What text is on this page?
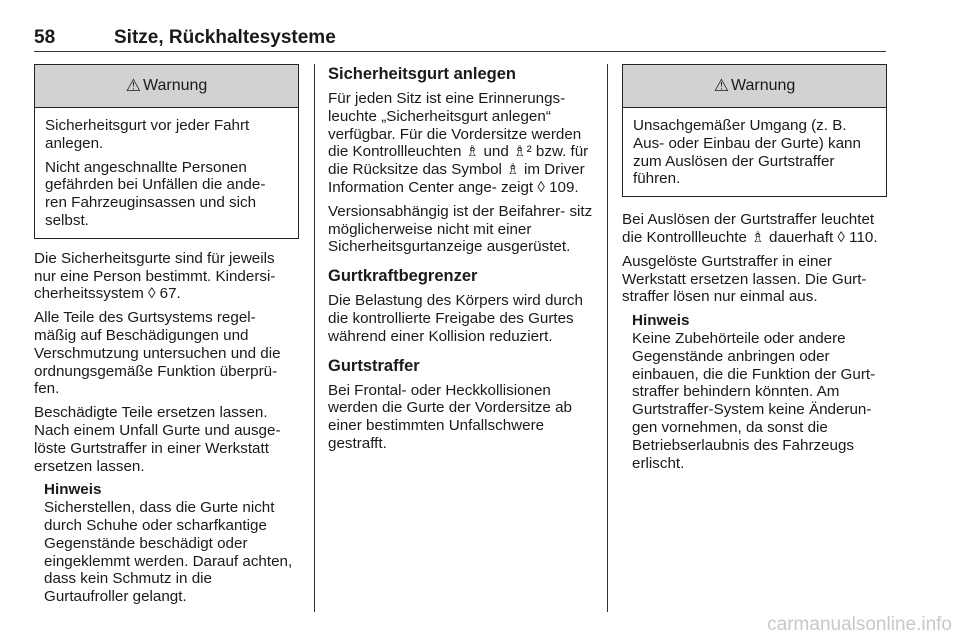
58	Sitze, Rückhaltesysteme
⚠ Warnung

Sicherheitsgurt vor jeder Fahrt anlegen.

Nicht angeschnallte Personen gefährden bei Unfällen die ande- ren Fahrzeuginsassen und sich selbst.

Die Sicherheitsgurte sind für jeweils nur eine Person bestimmt. Kindersi- cherheitssystem ◊ 67.

Alle Teile des Gurtsystems regel- mäßig auf Beschädigungen und Verschmutzung untersuchen und die ordnungsgemäße Funktion überprü- fen.

Beschädigte Teile ersetzen lassen. Nach einem Unfall Gurte und ausge- löste Gurtstraffer in einer Werkstatt ersetzen lassen.

Hinweis
Sicherstellen, dass die Gurte nicht durch Schuhe oder scharfkantige Gegenstände beschädigt oder eingeklemmt werden. Darauf achten, dass kein Schmutz in die Gurtaufroller gelangt.
Sicherheitsgurt anlegen

Für jeden Sitz ist eine Erinnerungs- leuchte „Sicherheitsgurt anlegen“ verfügbar. Für die Vordersitze werden die Kontrollleuchten ♗ und ♗² bzw. für die Rücksitze das Symbol ♗ im Driver Information Center ange- zeigt ◊ 109.

Versionsabhängig ist der Beifahrer- sitz möglicherweise nicht mit einer Sicherheitsgurtanzeige ausgerüstet.

Gurtkraftbegrenzer

Die Belastung des Körpers wird durch die kontrollierte Freigabe des Gurtes während einer Kollision reduziert.

Gurtstraffer

Bei Frontal- oder Heckkollisionen werden die Gurte der Vordersitze ab einer bestimmten Unfallschwere gestrafft.

⚠ Warnung

Unsachgemäßer Umgang (z. B. Aus- oder Einbau der Gurte) kann zum Auslösen der Gurtstraffer führen.

Bei Auslösen der Gurtstraffer leuchtet die Kontrollleuchte ♗ dauerhaft ◊ 110.

Ausgelöste Gurtstraffer in einer Werkstatt ersetzen lassen. Die Gurt- straffer lösen nur einmal aus.

Hinweis
Keine Zubehörteile oder andere Gegenstände anbringen oder einbauen, die die Funktion der Gurt- straffer behindern könnten. Am Gurtstraffer-System keine Änderun- gen vornehmen, da sonst die Betriebserlaubnis des Fahrzeugs erlischt.
carmanualsonline.info
